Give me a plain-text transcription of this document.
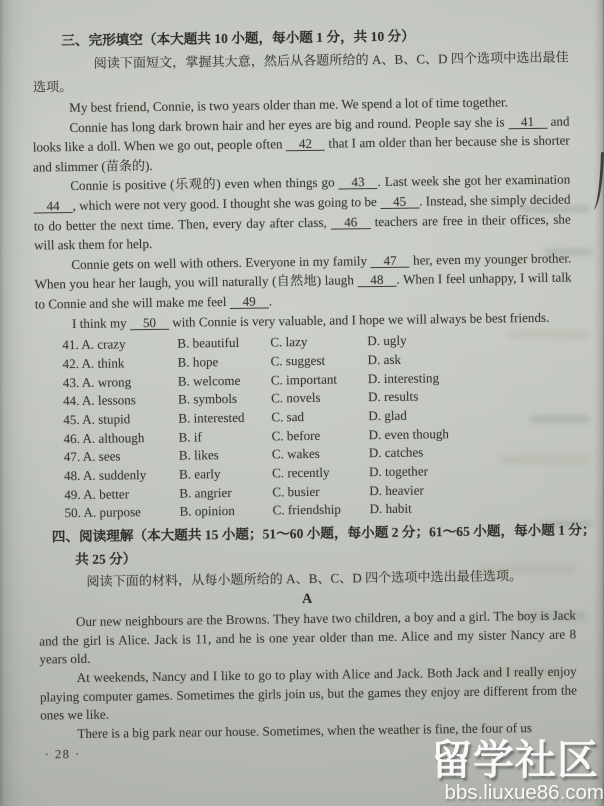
三、完形填空（本大题共 10 小题，每小题 1 分，共 10 分）
阅读下面短文，掌握其大意，然后从各题所给的 A、B、C、D 四个选项中选出最佳
选项。

My best friend, Connie, is two years older than me. We spend a lot of time together.

Connie has long dark brown hair and her eyes are big and round. People say she is 41 and looks like a doll. When we go out, people often 42 that I am older than her because she is shorter and slimmer (苗条的).

Connie is positive (乐观的) even when things go 43 . Last week she got her examination 44 , which were not very good. I thought she was going to be 45 . Instead, she simply decided to do better the next time. Then, every day after class, 46 teachers are free in their offices, she will ask them for help.

Connie gets on well with others. Everyone in my family 47 her, even my younger brother. When you hear her laugh, you will naturally (自然地) laugh 48 . When I feel unhappy, I will talk to Connie and she will make me feel 49 .

I think my 50 with Connie is very valuable, and I hope we will always be best friends.

41. A. crazy	B. beautiful	C. lazy	D. ugly
42. A. think	B. hope	C. suggest	D. ask
43. A. wrong	B. welcome	C. important	D. interesting
44. A. lessons	B. symbols	C. novels	D. results
45. A. stupid	B. interested	C. sad	D. glad
46. A. although	B. if	C. before	D. even though
47. A. sees	B. likes	C. wakes	D. catches
48. A. suddenly	B. early	C. recently	D. together
49. A. better	B. angrier	C. busier	D. heavier
50. A. purpose	B. opinion	C. friendship	D. habit
四、阅读理解（本大题共 15 小题；51～60 小题，每小题 2 分；61～65 小题，每小题 1 分；
共 25 分）
阅读下面的材料，从每小题所给的 A、B、C、D 四个选项中选出最佳选项。
A

Our new neighbours are the Browns. They have two children, a boy and a girl. The boy is Jack and the girl is Alice. Jack is 11, and he is one year older than me. Alice and my sister Nancy are 8 years old.

At weekends, Nancy and I like to go to play with Alice and Jack. Both Jack and I really enjoy playing computer games. Sometimes the girls join us, but the games they enjoy are different from the ones we like.

There is a big park near our house. Sometimes, when the weather is fine, the four of us

· 28 ·	留学社区
bbs.liuxue86.com
